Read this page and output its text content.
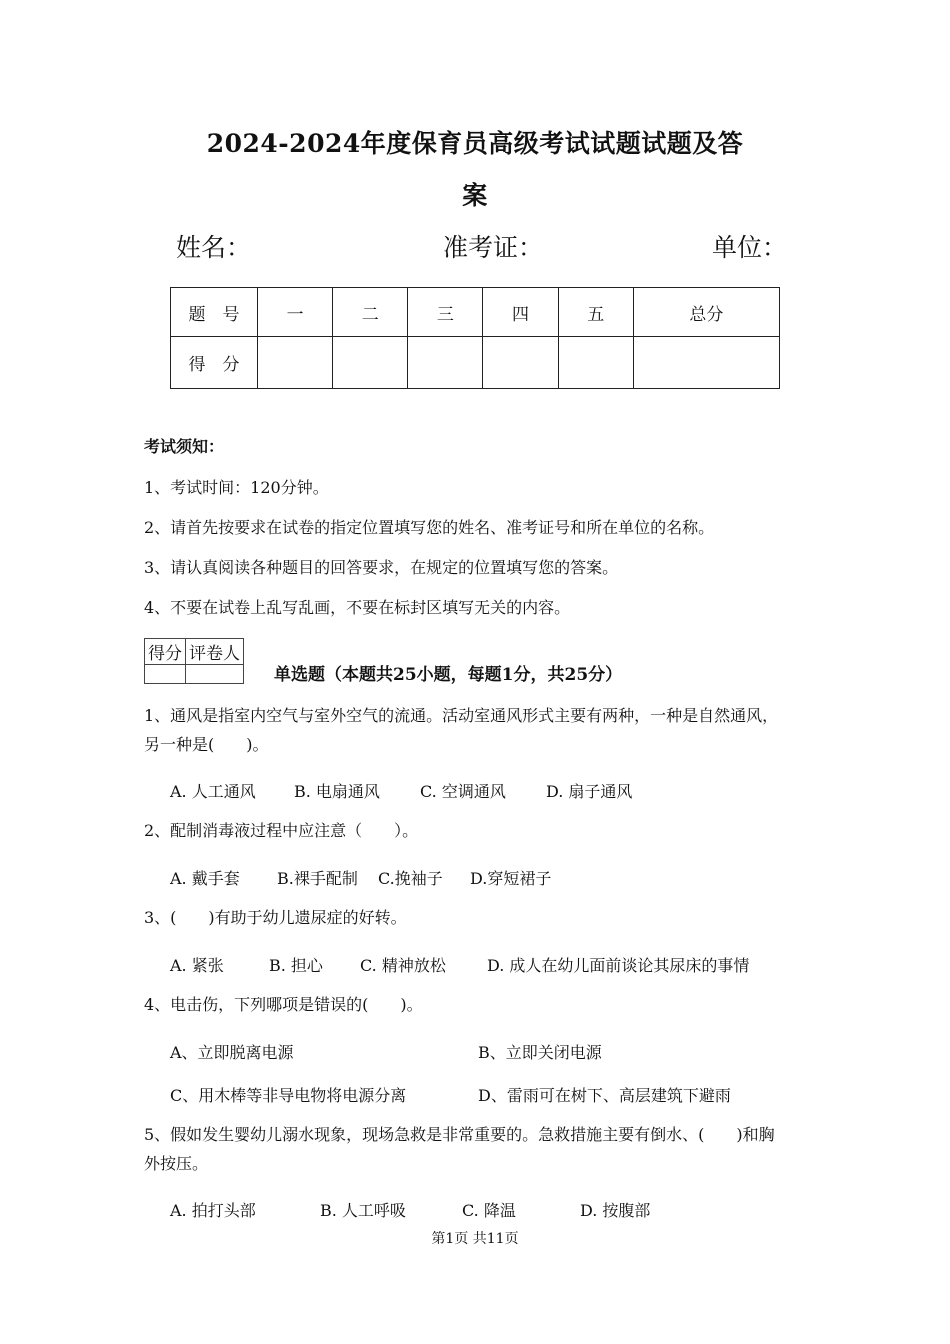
2024-2024年度保育员高级考试试题试题及答
案
姓名：	准考证：	单位：
题　号	一	二	三	四	五	总分
得　分						
考试须知：
1、考试时间：120分钟。
2、请首先按要求在试卷的指定位置填写您的姓名、准考证号和所在单位的名称。
3、请认真阅读各种题目的回答要求，在规定的位置填写您的答案。
4、不要在试卷上乱写乱画，不要在标封区填写无关的内容。
得分	评卷人

单选题（本题共25小题，每题1分，共25分）
1、通风是指室内空气与室外空气的流通。活动室通风形式主要有两种，一种是自然通风，
另一种是(　　)。
A. 人工通风 B. 电扇通风	C. 空调通风	D. 扇子通风
2、配制消毒液过程中应注意（　　）。
A. 戴手套 B.裸手配制 C.挽袖子 D.穿短裙子
3、(　　)有助于幼儿遗尿症的好转。
A. 紧张	B. 担心 C. 精神放松	D. 成人在幼儿面前谈论其尿床的事情
4、电击伤，下列哪项是错误的(　　)。
A、立即脱离电源	B、立即关闭电源
C、用木棒等非导电物将电源分离	D、雷雨可在树下、高层建筑下避雨
5、假如发生婴幼儿溺水现象，现场急救是非常重要的。急救措施主要有倒水、(　　)和胸
外按压。
A. 拍打头部	B. 人工呼吸	C. 降温	D. 按腹部
第1页 共11页
